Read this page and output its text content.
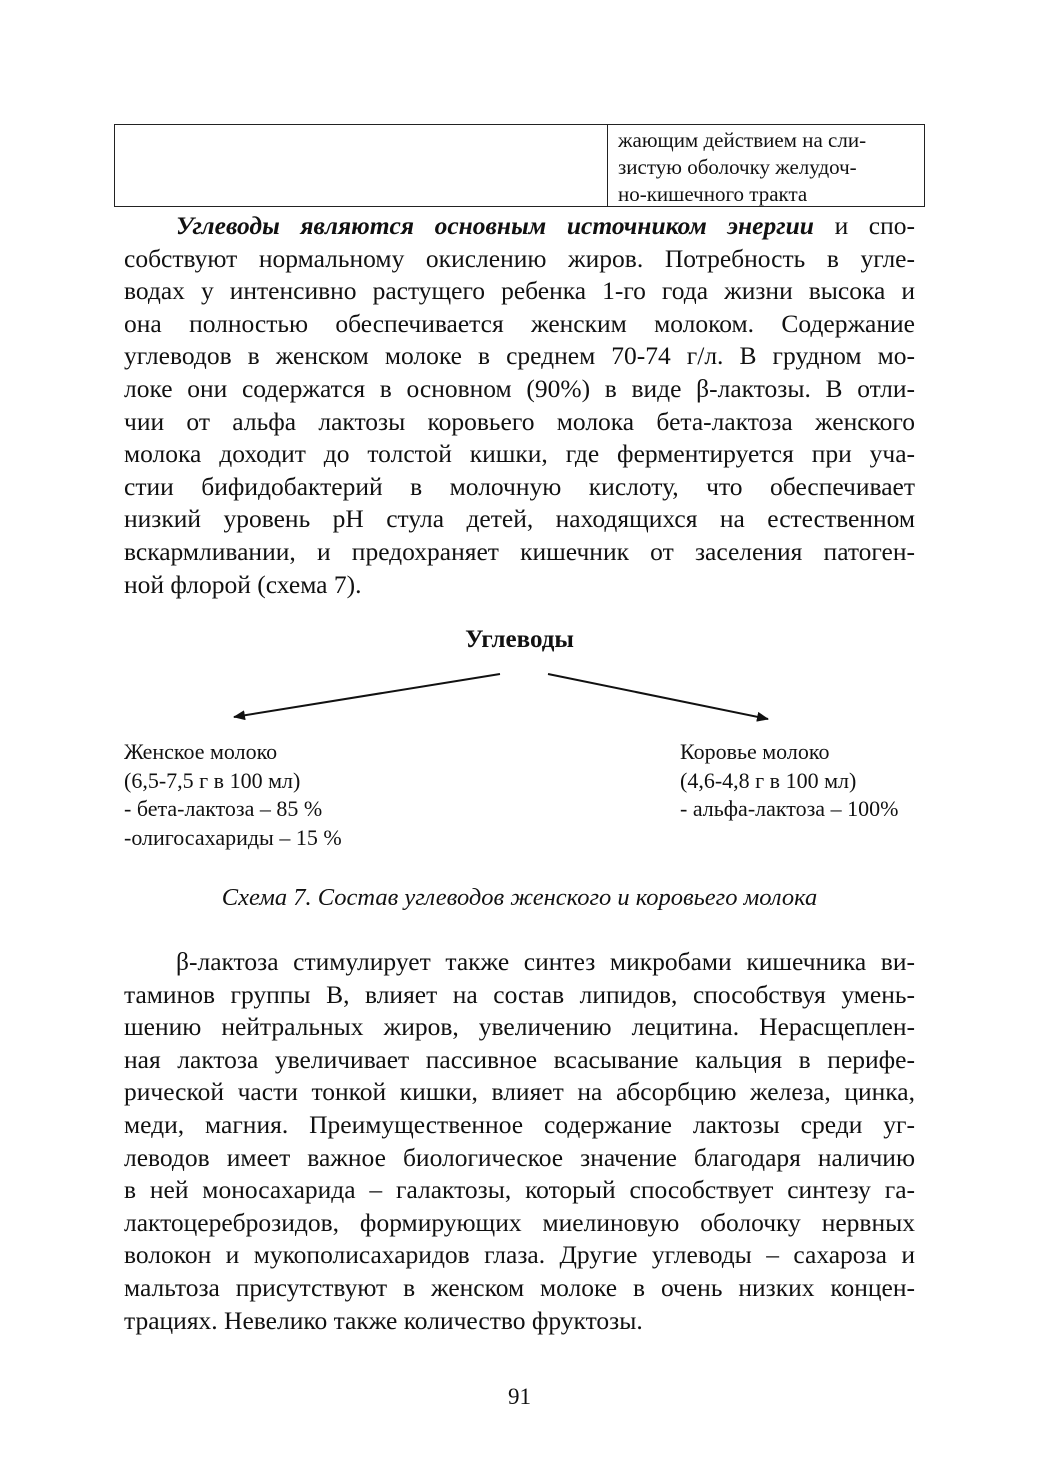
жающим действием на сли-
зистую оболочку желудоч-
но-кишечного тракта
Углеводы являются основным источником энергии и спо-
собствуют нормальному окислению жиров. Потребность в угле-
водах у интенсивно растущего ребенка 1-го года жизни высока и
она полностью обеспечивается женским молоком. Содержание
углеводов в женском молоке в среднем 70-74 г/л. В грудном мо-
локе они содержатся в основном (90%) в виде β-лактозы. В отли-
чии от альфа лактозы коровьего молока бета-лактоза женского
молока доходит до толстой кишки, где ферментируется при уча-
стии бифидобактерий в молочную кислоту, что обеспечивает
низкий уровень рН стула детей, находящихся на естественном
вскармливании, и предохраняет кишечник от заселения патоген-
ной флорой (схема 7).
Углеводы
Женское молоко
(6,5-7,5 г в 100 мл)
- бета-лактоза – 85 %
-олигосахариды – 15 %
Коровье молоко
(4,6-4,8 г в 100 мл)
- альфа-лактоза – 100%
Схема 7. Состав углеводов женского и коровьего молока
β-лактоза стимулирует также синтез микробами кишечника ви-
таминов группы В, влияет на состав липидов, способствуя умень-
шению нейтральных жиров, увеличению лецитина. Нерасщеплен-
ная лактоза увеличивает пассивное всасывание кальция в перифе-
рической части тонкой кишки, влияет на абсорбцию железа, цинка,
меди, магния. Преимущественное содержание лактозы среди уг-
леводов имеет важное биологическое значение благодаря наличию
в ней моносахарида – галактозы, который способствует синтезу га-
лактоцереброзидов, формирующих миелиновую оболочку нервных
волокон и мукополисахаридов глаза. Другие углеводы – сахароза и
мальтоза присутствуют в женском молоке в очень низких концен-
трациях. Невелико также количество фруктозы.
91
